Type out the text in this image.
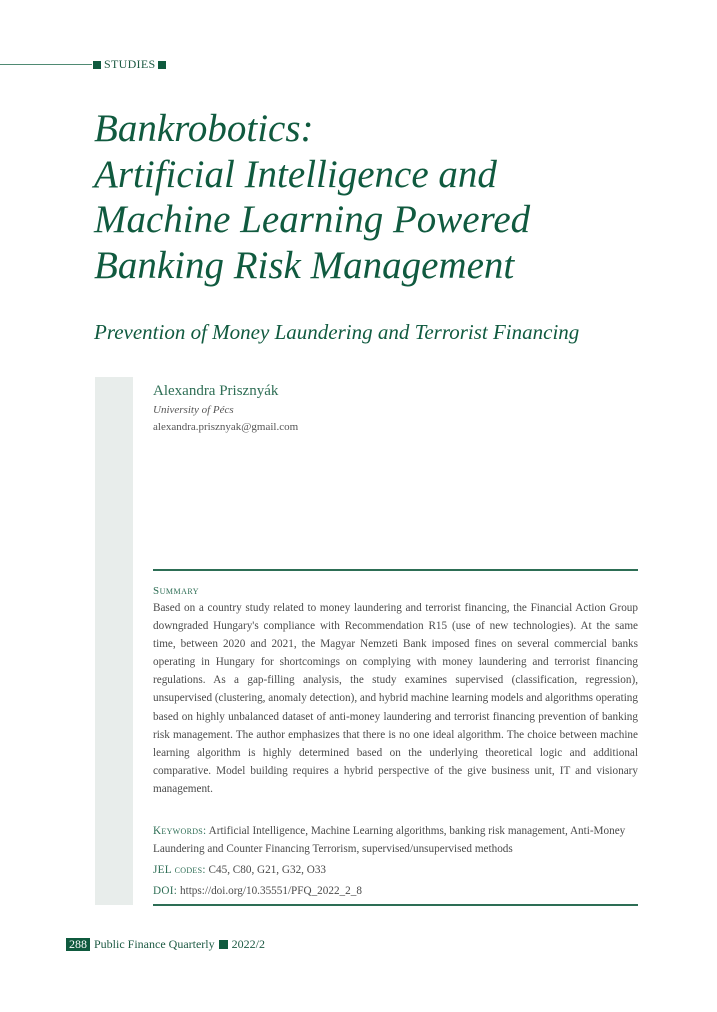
STUDIES
Bankrobotics:
Artificial Intelligence and
Machine Learning Powered
Banking Risk Management
Prevention of Money Laundering and Terrorist Financing
Alexandra Prisznyák
University of Pécs
alexandra.prisznyak@gmail.com
Summary

Based on a country study related to money laundering and terrorist financing, the Financial Action Group downgraded Hungary's compliance with Recommendation R15 (use of new technologies). At the same time, between 2020 and 2021, the Magyar Nemzeti Bank imposed fines on several commercial banks operating in Hungary for shortcomings on complying with money laundering and terrorist financing regulations. As a gap-filling analysis, the study examines supervised (classification, regression), unsupervised (clustering, anomaly detection), and hybrid machine learning models and algorithms operating based on highly unbalanced dataset of anti-money laundering and terrorist financing prevention of banking risk management. The author emphasizes that there is no one ideal algorithm. The choice between machine learning algorithm is highly determined based on the underlying theoretical logic and additional comparative. Model building requires a hybrid perspective of the give business unit, IT and visionary management.

Keywords: Artificial Intelligence, Machine Learning algorithms, banking risk management, Anti-Money Laundering and Counter Financing Terrorism, supervised/unsupervised methods

JEL codes: C45, C80, G21, G32, O33

DOI: https://doi.org/10.35551/PFQ_2022_2_8

288 Public Finance Quarterly 2022/2
